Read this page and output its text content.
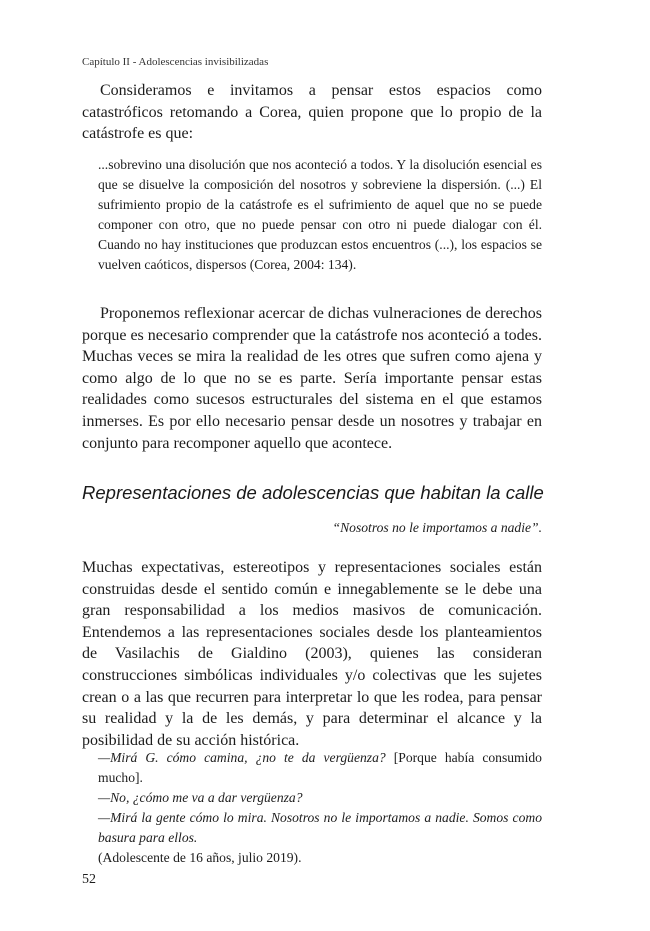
Capítulo II - Adolescencias invisibilizadas

Consideramos e invitamos a pensar estos espacios como catastróficos retomando a Corea, quien propone que lo propio de la catástrofe es que:

...sobrevino una disolución que nos aconteció a todos. Y la disolución esencial es que se disuelve la composición del nosotros y sobreviene la dispersión. (...) El sufrimiento propio de la catástrofe es el sufrimiento de aquel que no se puede componer con otro, que no puede pensar con otro ni puede dialogar con él. Cuando no hay instituciones que produzcan estos encuentros (...), los espacios se vuelven caóticos, dispersos (Corea, 2004: 134).

Proponemos reflexionar acercar de dichas vulneraciones de derechos porque es necesario comprender que la catástrofe nos aconteció a todes. Muchas veces se mira la realidad de les otres que sufren como ajena y como algo de lo que no se es parte. Sería importante pensar estas realidades como sucesos estructurales del sistema en el que estamos inmerses. Es por ello necesario pensar desde un nosotres y trabajar en conjunto para recomponer aquello que acontece.

Representaciones de adolescencias que habitan la calle
“Nosotros no le importamos a nadie”.

Muchas expectativas, estereotipos y representaciones sociales están construidas desde el sentido común e innegablemente se le debe una gran responsabilidad a los medios masivos de comunicación. Entendemos a las representaciones sociales desde los planteamientos de Vasilachis de Gialdino (2003), quienes las consideran construcciones simbólicas individuales y/o colectivas que les sujetes crean o a las que recurren para interpretar lo que les rodea, para pensar su realidad y la de les demás, y para determinar el alcance y la posibilidad de su acción histórica.

—Mirá G. cómo camina, ¿no te da vergüenza? [Porque había consumido mucho].

—No, ¿cómo me va a dar vergüenza?

—Mirá la gente cómo lo mira. Nosotros no le importamos a nadie. Somos como basura para ellos.

(Adolescente de 16 años, julio 2019).

52
